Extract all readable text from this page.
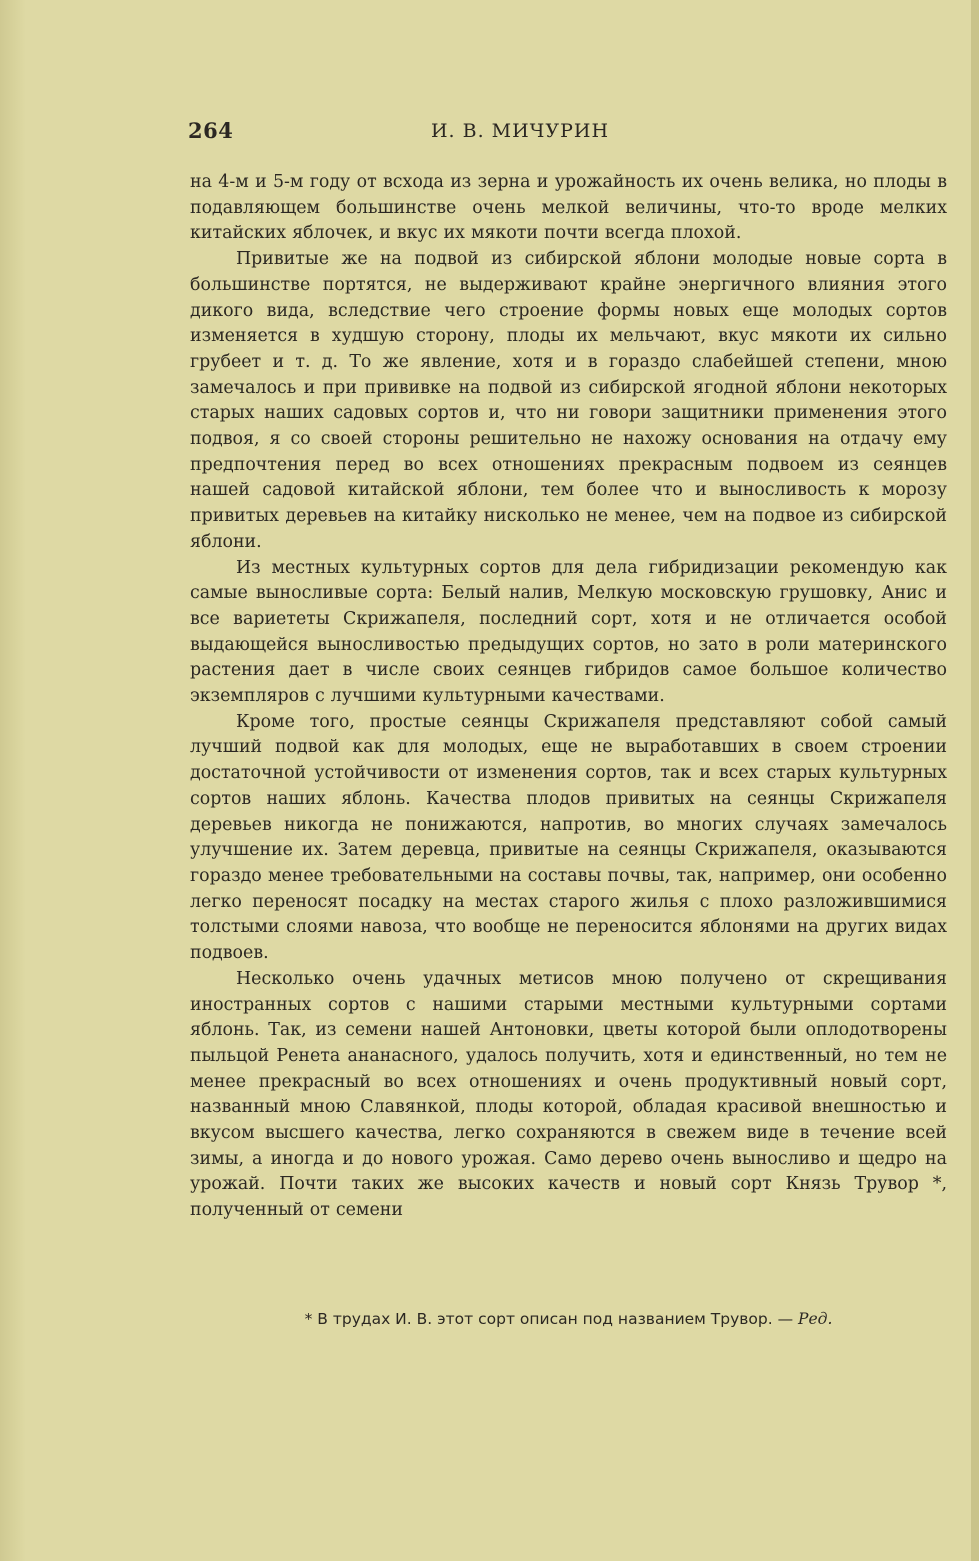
264	И. В. МИЧУРИН

на 4-м и 5-м году от всхода из зерна и урожайность их очень велика, но плоды в подавляющем большинстве очень мелкой величины, что-то вроде мелких китайских яблочек, и вкус их мякоти почти всегда плохой.

Привитые же на подвой из сибирской яблони молодые новые сорта в большинстве портятся, не выдерживают крайне энергичного влияния этого дикого вида, вследствие чего строение формы новых еще молодых сортов изменяется в худшую сторону, плоды их мельчают, вкус мякоти их сильно грубеет и т. д. То же явление, хотя и в гораздо слабейшей степени, мною замечалось и при прививке на подвой из сибирской ягодной яблони некоторых старых наших садовых сортов и, что ни говори защитники применения этого подвоя, я со своей стороны решительно не нахожу основания на отдачу ему предпочтения перед во всех отношениях прекрасным подвоем из сеянцев нашей садовой китайской яблони, тем более что и выносливость к морозу привитых деревьев на китайку нисколько не менее, чем на подвое из сибирской яблони.

Из местных культурных сортов для дела гибридизации рекомендую как самые выносливые сорта: Белый налив, Мелкую московскую грушовку, Анис и все вариететы Скрижапеля, последний сорт, хотя и не отличается особой выдающейся выносливостью предыдущих сортов, но зато в роли материнского растения дает в числе своих сеянцев гибридов самое большое количество экземпляров с лучшими культурными качествами.

Кроме того, простые сеянцы Скрижапеля представляют собой самый лучший подвой как для молодых, еще не выработавших в своем строении достаточной устойчивости от изменения сортов, так и всех старых культурных сортов наших яблонь. Качества плодов привитых на сеянцы Скрижапеля деревьев никогда не понижаются, напротив, во многих случаях замечалось улучшение их. Затем деревца, привитые на сеянцы Скрижапеля, оказываются гораздо менее требовательными на составы почвы, так, например, они особенно легко переносят посадку на местах старого жилья с плохо разложившимися толстыми слоями навоза, что вообще не переносится яблонями на других видах подвоев.

Несколько очень удачных метисов мною получено от скрещивания иностранных сортов с нашими старыми местными культурными сортами яблонь. Так, из семени нашей Антоновки, цветы которой были оплодотворены пыльцой Ренета ананасного, удалось получить, хотя и единственный, но тем не менее прекрасный во всех отношениях и очень продуктивный новый сорт, названный мною Славянкой, плоды которой, обладая красивой внешностью и вкусом высшего качества, легко сохраняются в свежем виде в течение всей зимы, а иногда и до нового урожая. Само дерево очень выносливо и щедро на урожай. Почти таких же высоких качеств и новый сорт Князь Трувор *, полученный от семени

* В трудах И. В. этот сорт описан под названием Трувор. — Ред.
